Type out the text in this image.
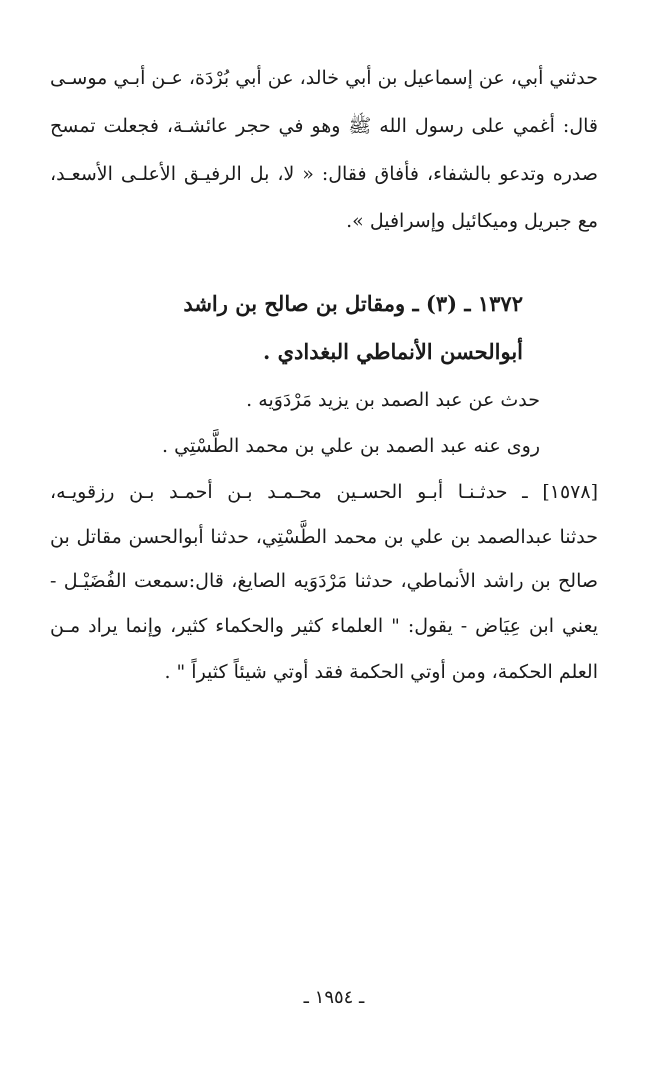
حدثني أبي، عن إسماعيل بن أبي خالد، عن أبي بُرْدَة، عـن أبـي موسـى
قال: أغمي على رسول الله ﷺ وهو في حجر عائشـة، فجعلت تمسح
صدره وتدعو بالشفاء، فأفاق فقال: « لا، بل الرفيـق الأعلـى الأسعـد،
مع جبريل وميكائيل وإسرافيل ».
١٣٧٢ ـ (٣) ـ ومقاتل بن صالح بن راشد
أبوالحسن الأنماطي البغدادي .
حدث عن عبد الصمد بن يزيد مَرْدَوَيه .
روى عنه عبد الصمد بن علي بن محمد الطَّسْتِي .
[١٥٧٨] ـ حدثـنـا أبـو الحسـين محـمـد بـن أحمـد بـن رزقويـه،
حدثنا عبدالصمد بن علي بن محمد الطَّسْتِي، حدثنا أبوالحسن مقاتل بن
صالح بن راشد الأنماطي، حدثنا مَرْدَوَيه الصايغ، قال:سمعت الفُضَيْـل -
يعني ابن عِيَاض - يقول: " العلماء كثير والحكماء كثير، وإنما يراد مـن
العلم الحكمة، ومن أوتي الحكمة فقد أوتي شيئاً كثيراً " .
ـ ١٩٥٤ ـ
